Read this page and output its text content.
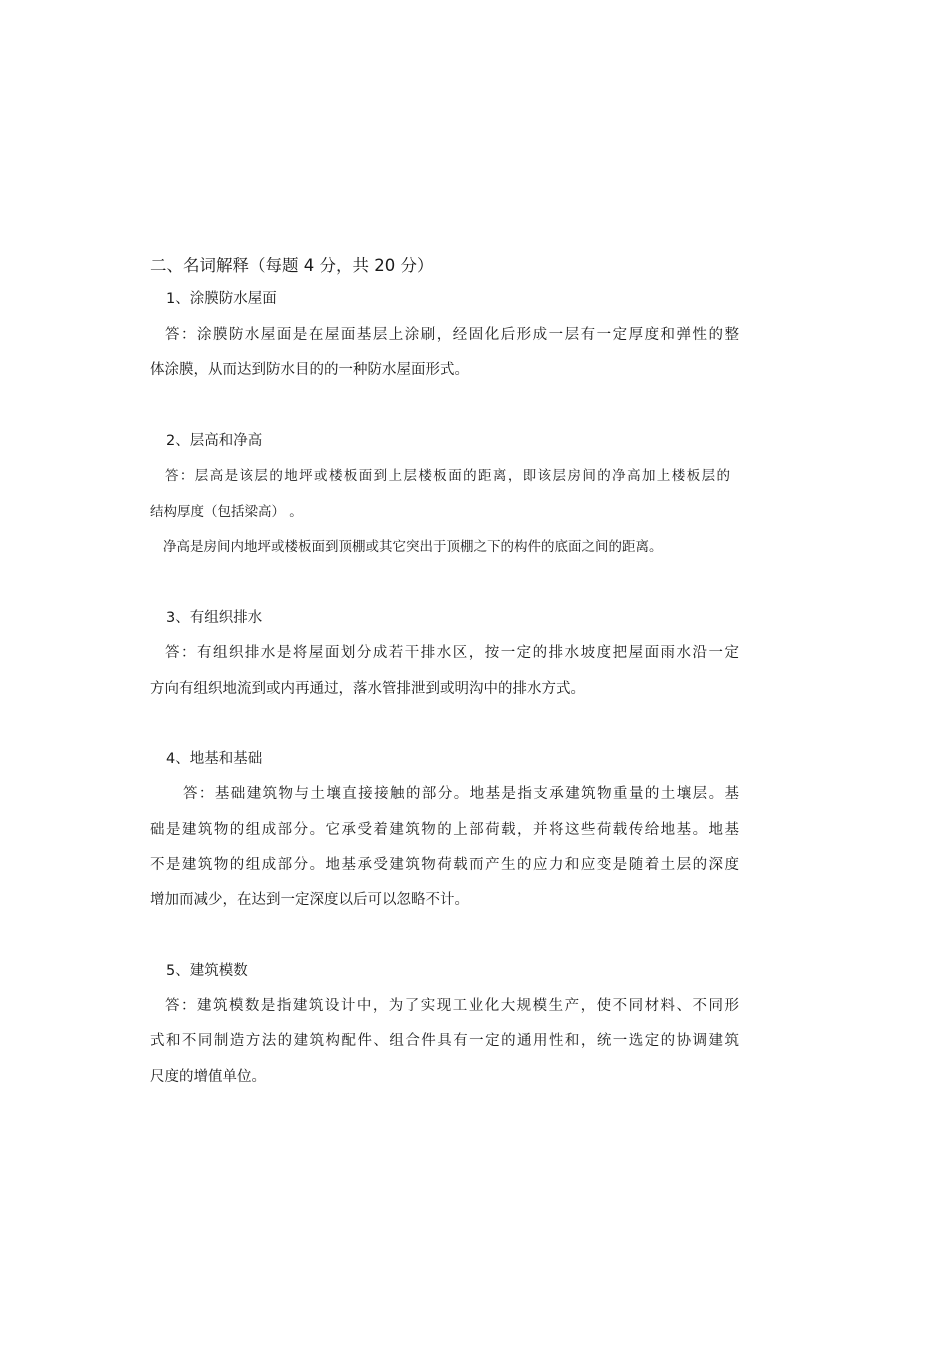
二、名词解释（每题 4 分，共 20 分）

1、涂膜防水屋面

答：涂膜防水屋面是在屋面基层上涂刷，经固化后形成一层有一定厚度和弹性的整

体涂膜，从而达到防水目的的一种防水屋面形式。

2、层高和净高

答：层高是该层的地坪或楼板面到上层楼板面的距离，即该层房间的净高加上楼板层的

结构厚度（包括梁高） 。

净高是房间内地坪或楼板面到顶棚或其它突出于顶棚之下的构件的底面之间的距离。

3、有组织排水

答：有组织排水是将屋面划分成若干排水区，按一定的排水坡度把屋面雨水沿一定

方向有组织地流到或内再通过，落水管排泄到或明沟中的排水方式。

4、地基和基础

答：基础建筑物与土壤直接接触的部分。地基是指支承建筑物重量的土壤层。基

础是建筑物的组成部分。它承受着建筑物的上部荷载，并将这些荷载传给地基。地基

不是建筑物的组成部分。地基承受建筑物荷载而产生的应力和应变是随着土层的深度

增加而减少，在达到一定深度以后可以忽略不计。

5、建筑模数

答：建筑模数是指建筑设计中，为了实现工业化大规模生产，使不同材料、不同形

式和不同制造方法的建筑构配件、组合件具有一定的通用性和，统一选定的协调建筑

尺度的增值单位。
